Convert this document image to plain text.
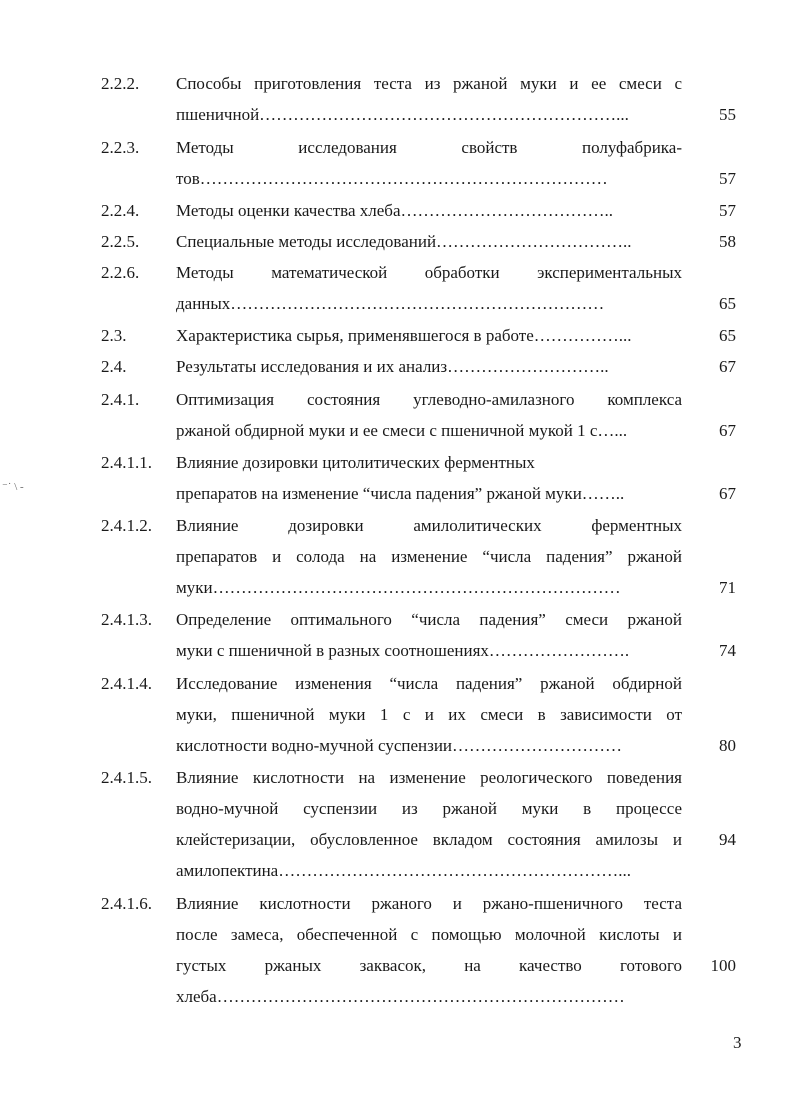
2.2.2. Способы приготовления теста из ржаной муки и ее смеси с
пшеничной………………………………………………………...	55
2.2.3. Методы исследования свойств полуфабрика-
тов………………………………………………………………	57
2.2.4. Методы оценки качества хлеба………………………………..	57
2.2.5. Специальные методы исследований……………………………..	58
2.2.6. Методы математической обработки экспериментальных
данных…………………………………………………………	65
2.3.	Характеристика сырья, применявшегося в работе……………...	65
2.4.	Результаты исследования и их анализ………………………..	67
2.4.1. Оптимизация состояния углеводно-амилазного комплекса
ржаной обдирной муки и ее смеси с пшеничной мукой 1 с…...	67
2.4.1.1. Влияние дозировки цитолитических ферментных
препаратов на изменение “числа падения” ржаной муки……..	67
2.4.1.2. Влияние дозировки амилолитических ферментных
препаратов и солода на изменение “числа падения” ржаной
муки………………………………………………………………	71
2.4.1.3. Определение оптимального “числа падения” смеси ржаной
муки с пшеничной в разных соотношениях…………………….	74
2.4.1.4. Исследование изменения “числа падения” ржаной обдирной
муки, пшеничной муки 1 с и их смеси в зависимости от
кислотности водно-мучной суспензии…………………………	80
2.4.1.5. Влияние кислотности на изменение реологического поведения
водно-мучной суспензии из ржаной муки в процессе
клейстеризации, обусловленное вкладом состояния амилозы и	94
амилопектина……………………………………………………...
2.4.1.6. Влияние кислотности ржаного и ржано-пшеничного теста
после замеса, обеспеченной с помощью молочной кислоты и
густых ржаных заквасок, на качество готового	100
хлеба………………………………………………………………
3
⁻˙ \ -
